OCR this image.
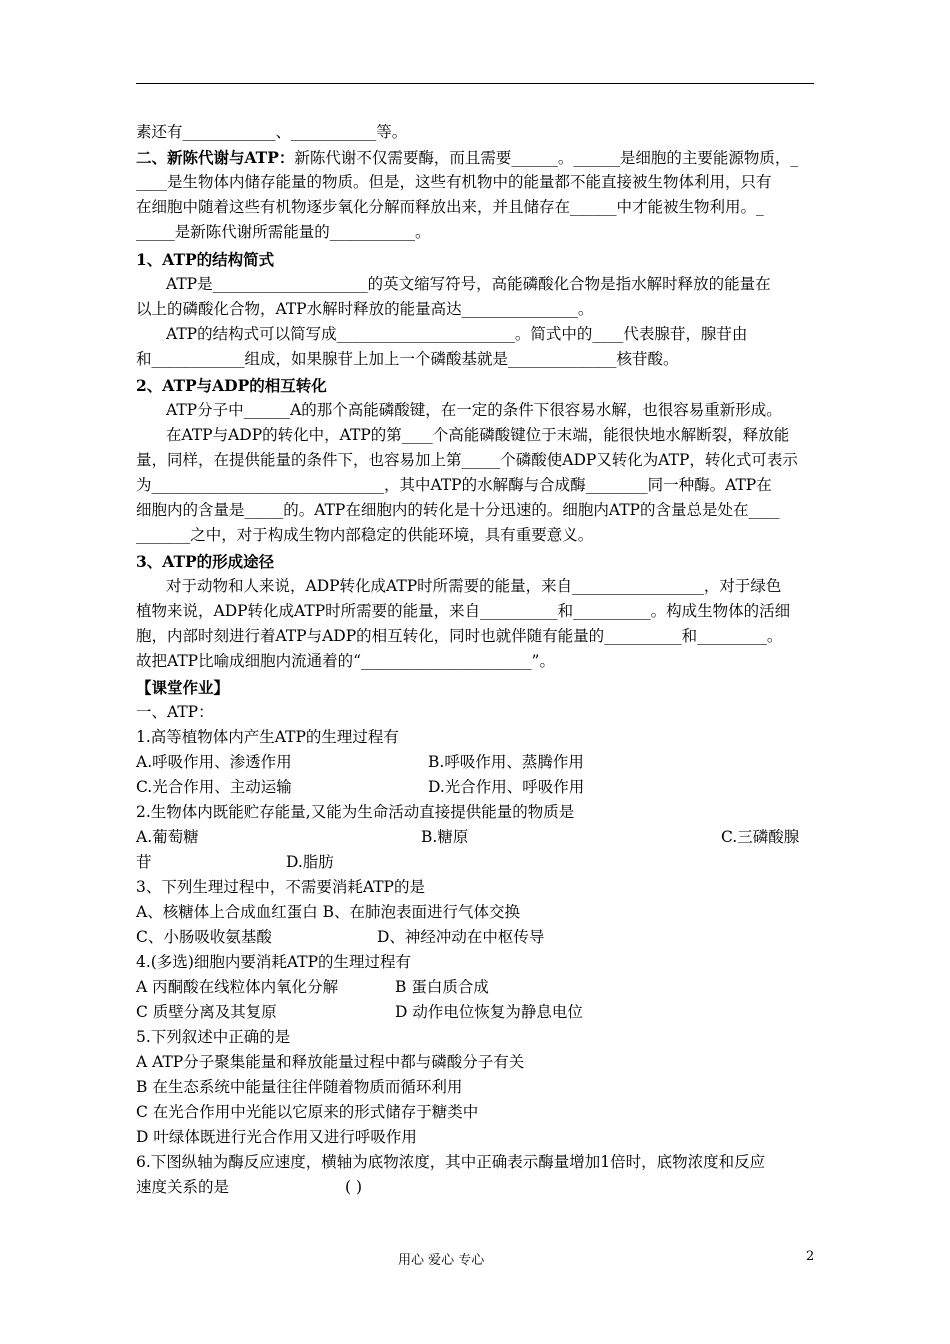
素还有____________、___________等。
二、新陈代谢与ATP：新陈代谢不仅需要酶，而且需要______。______是细胞的主要能源物质，_
____是生物体内储存能量的物质。但是，这些有机物中的能量都不能直接被生物体利用，只有
在细胞中随着这些有机物逐步氧化分解而释放出来，并且储存在______中才能被生物利用。_
_____是新陈代谢所需能量的___________。
1、ATP的结构简式
ATP是____________________的英文缩写符号，高能磷酸化合物是指水解时释放的能量在
以上的磷酸化合物，ATP水解时释放的能量高达_______________。
ATP的结构式可以简写成_______________________。简式中的____代表腺苷，腺苷由
和____________组成，如果腺苷上加上一个磷酸基就是______________核苷酸。
2、ATP与ADP的相互转化
ATP分子中______A的那个高能磷酸键，在一定的条件下很容易水解，也很容易重新形成。
在ATP与ADP的转化中，ATP的第____个高能磷酸键位于末端，能很快地水解断裂，释放能
量，同样，在提供能量的条件下，也容易加上第_____个磷酸使ADP又转化为ATP，转化式可表示
为______________________________，其中ATP的水解酶与合成酶________同一种酶。ATP在
细胞内的含量是_____的。ATP在细胞内的转化是十分迅速的。细胞内ATP的含量总是处在____
_______之中，对于构成生物内部稳定的供能环境，具有重要意义。
3、ATP的形成途径
对于动物和人来说，ADP转化成ATP时所需要的能量，来自_________________，对于绿色
植物来说，ADP转化成ATP时所需要的能量，来自__________和__________。构成生物体的活细
胞，内部时刻进行着ATP与ADP的相互转化，同时也就伴随有能量的__________和_________。
故把ATP比喻成细胞内流通着的“______________________”。
【课堂作业】
一、ATP：
1.高等植物体内产生ATP的生理过程有
A.呼吸作用、渗透作用	B.呼吸作用、蒸腾作用
C.光合作用、主动运输	D.光合作用、呼吸作用
2.生物体内既能贮存能量,又能为生命活动直接提供能量的物质是
A.葡萄糖	B.糖原	C.三磷酸腺
苷	D.脂肪
3、下列生理过程中，不需要消耗ATP的是
A、核糖体上合成血红蛋白 B、在肺泡表面进行气体交换
C、小肠吸收氨基酸	D、神经冲动在中枢传导
4.(多选)细胞内要消耗ATP的生理过程有
A 丙酮酸在线粒体内氧化分解	B 蛋白质合成
C 质壁分离及其复原	D 动作电位恢复为静息电位
5.下列叙述中正确的是
A ATP分子聚集能量和释放能量过程中都与磷酸分子有关
B 在生态系统中能量往往伴随着物质而循环利用
C 在光合作用中光能以它原来的形式储存于糖类中
D 叶绿体既进行光合作用又进行呼吸作用
6.下图纵轴为酶反应速度，横轴为底物浓度，其中正确表示酶量增加1倍时，底物浓度和反应
速度关系的是	( )
用心 爱心 专心	2
